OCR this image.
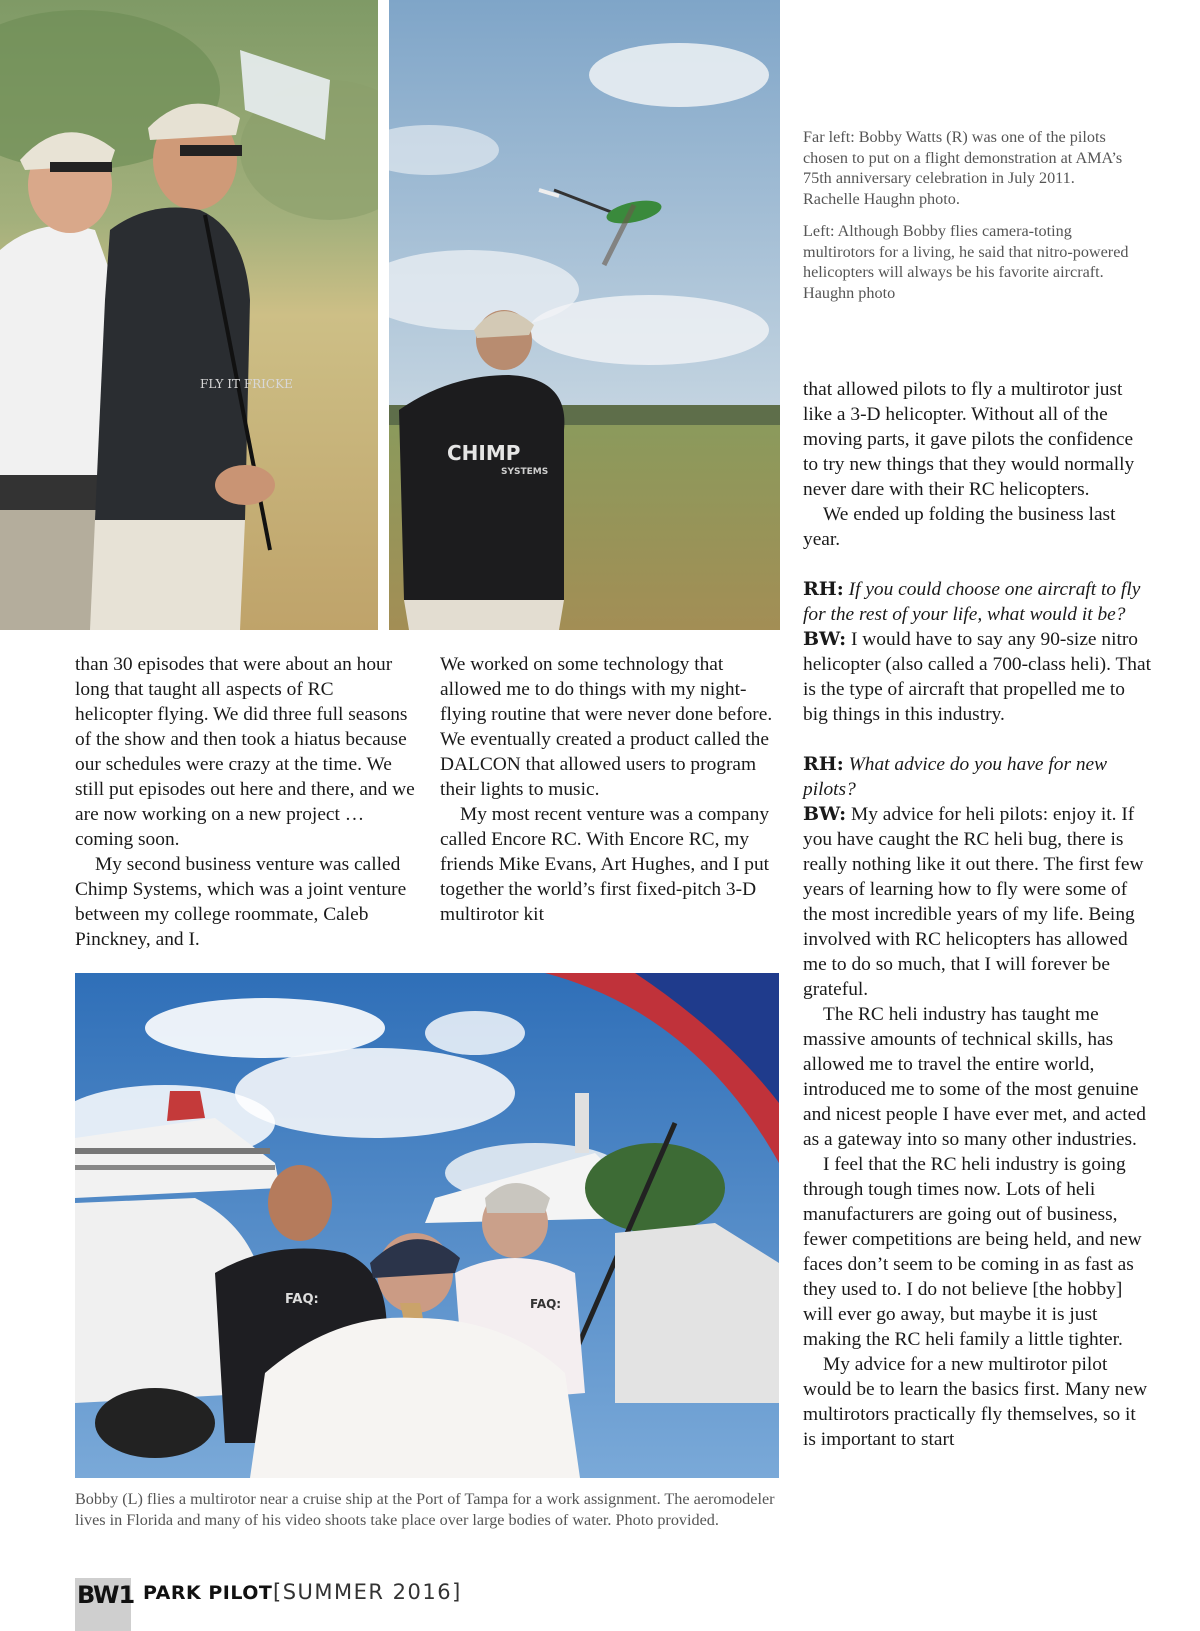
FLY IT FRICKE
CHIMP
SYSTEMS

Far left: Bobby Watts (R) was one of the pilots chosen to put on a flight demonstration at AMA’s 75th anniversary celebration in July 2011. Rachelle Haughn photo.

Left: Although Bobby flies camera-toting multirotors for a living, he said that nitro-powered helicopters will always be his favorite aircraft. Haughn photo

than 30 episodes that were about an hour long that taught all aspects of RC helicopter flying. We did three full seasons of the show and then took a hiatus because our schedules were crazy at the time. We still put episodes out here and there, and we are now working on a new project … coming soon.

My second business venture was called Chimp Systems, which was a joint venture between my college roommate, Caleb Pinckney, and I.

We worked on some technology that allowed me to do things with my night-flying routine that were never done before. We eventually created a product called the DALCON that allowed users to program their lights to music.

My most recent venture was a company called Encore RC. With Encore RC, my friends Mike Evans, Art Hughes, and I put together the world’s first fixed-pitch 3-D multirotor kit

that allowed pilots to fly a multirotor just like a 3-D helicopter. Without all of the moving parts, it gave pilots the confidence to try new things that they would normally never dare with their RC helicopters.

We ended up folding the business last year.

RH: If you could choose one aircraft to fly for the rest of your life, what would it be?

BW: I would have to say any 90-size nitro helicopter (also called a 700-class heli). That is the type of aircraft that propelled me to big things in this industry.

RH: What advice do you have for new pilots?

BW: My advice for heli pilots: enjoy it. If you have caught the RC heli bug, there is really nothing like it out there. The first few years of learning how to fly were some of the most incredible years of my life. Being involved with RC helicopters has allowed me to do so much, that I will forever be grateful.

The RC heli industry has taught me massive amounts of technical skills, has allowed me to travel the entire world, introduced me to some of the most genuine and nicest people I have ever met, and acted as a gateway into so many other industries.

I feel that the RC heli industry is going through tough times now. Lots of heli manufacturers are going out of business, fewer competitions are being held, and new faces don’t seem to be coming in as fast as they used to. I do not believe [the hobby] will ever go away, but maybe it is just making the RC heli family a little tighter.

My advice for a new multirotor pilot would be to learn the basics first. Many new multirotors practically fly themselves, so it is important to start

FAQ:	FAQ:

Bobby (L) flies a multirotor near a cruise ship at the Port of Tampa for a work assignment. The aeromodeler lives in Florida and many of his video shoots take place over large bodies of water. Photo provided.

BW1 PARK PILOT [SUMMER 2016]
